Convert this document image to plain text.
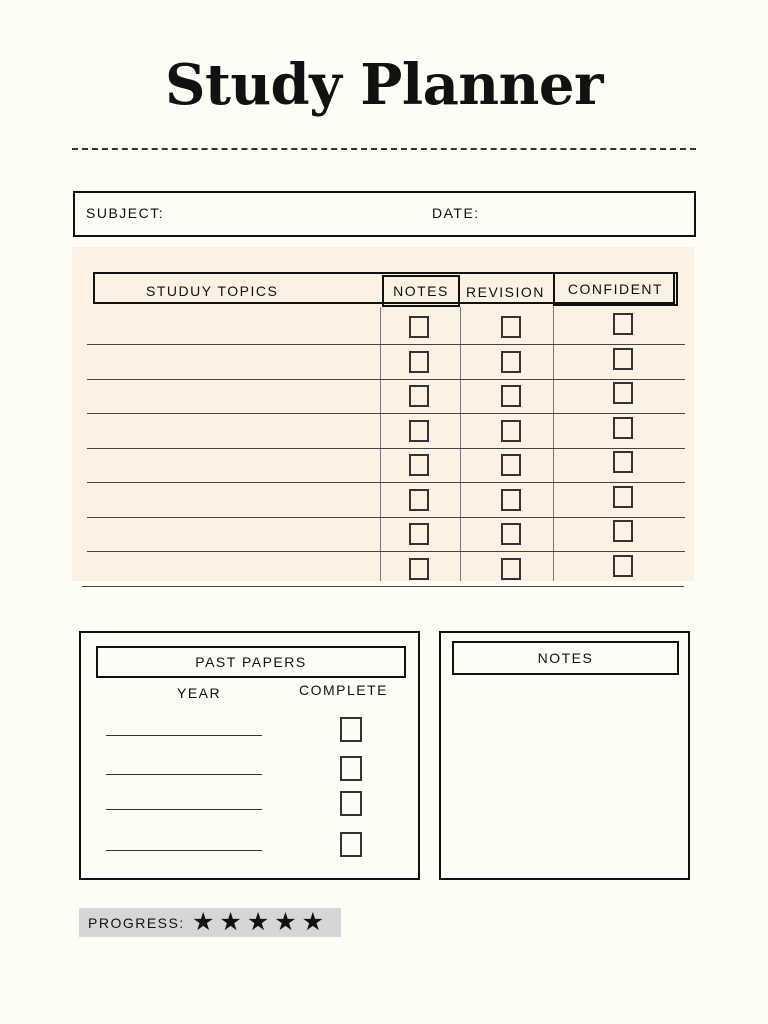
Study Planner
SUBJECT:	DATE:
STUDUY TOPICS	NOTES REVISION CONFIDENT
PAST PAPERS
YEAR	COMPLETE
NOTES
PROGRESS: ★★★★★
